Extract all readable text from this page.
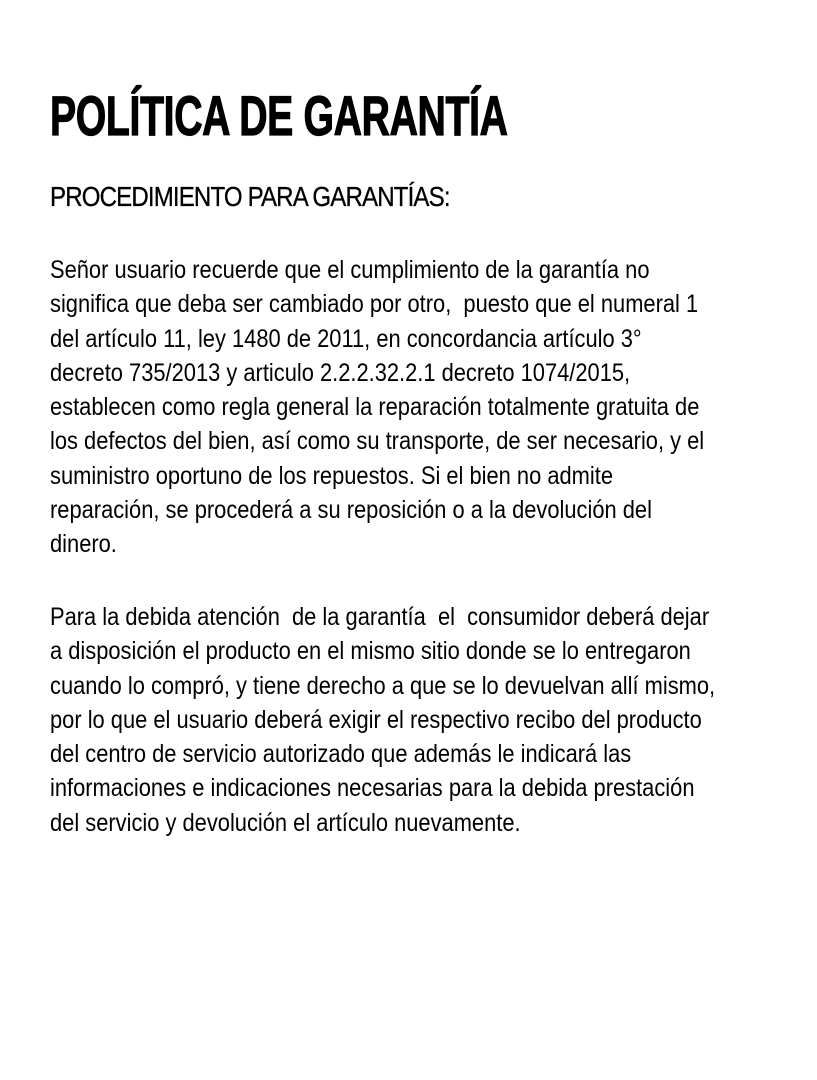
POLÍTICA DE GARANTÍA
PROCEDIMIENTO PARA GARANTÍAS:

Señor usuario recuerde que el cumplimiento de la garantía no
significa que deba ser cambiado por otro,  puesto que el numeral 1
del artículo 11, ley 1480 de 2011, en concordancia artículo 3°
decreto 735/2013 y articulo 2.2.2.32.2.1 decreto 1074/2015,
establecen como regla general la reparación totalmente gratuita de
los defectos del bien, así como su transporte, de ser necesario, y el
suministro oportuno de los repuestos. Si el bien no admite
reparación, se procederá a su reposición o a la devolución del
dinero.

Para la debida atención  de la garantía  el  consumidor deberá dejar
a disposición el producto en el mismo sitio donde se lo entregaron
cuando lo compró, y tiene derecho a que se lo devuelvan allí mismo,
por lo que el usuario deberá exigir el respectivo recibo del producto
del centro de servicio autorizado que además le indicará las
informaciones e indicaciones necesarias para la debida prestación
del servicio y devolución el artículo nuevamente.
